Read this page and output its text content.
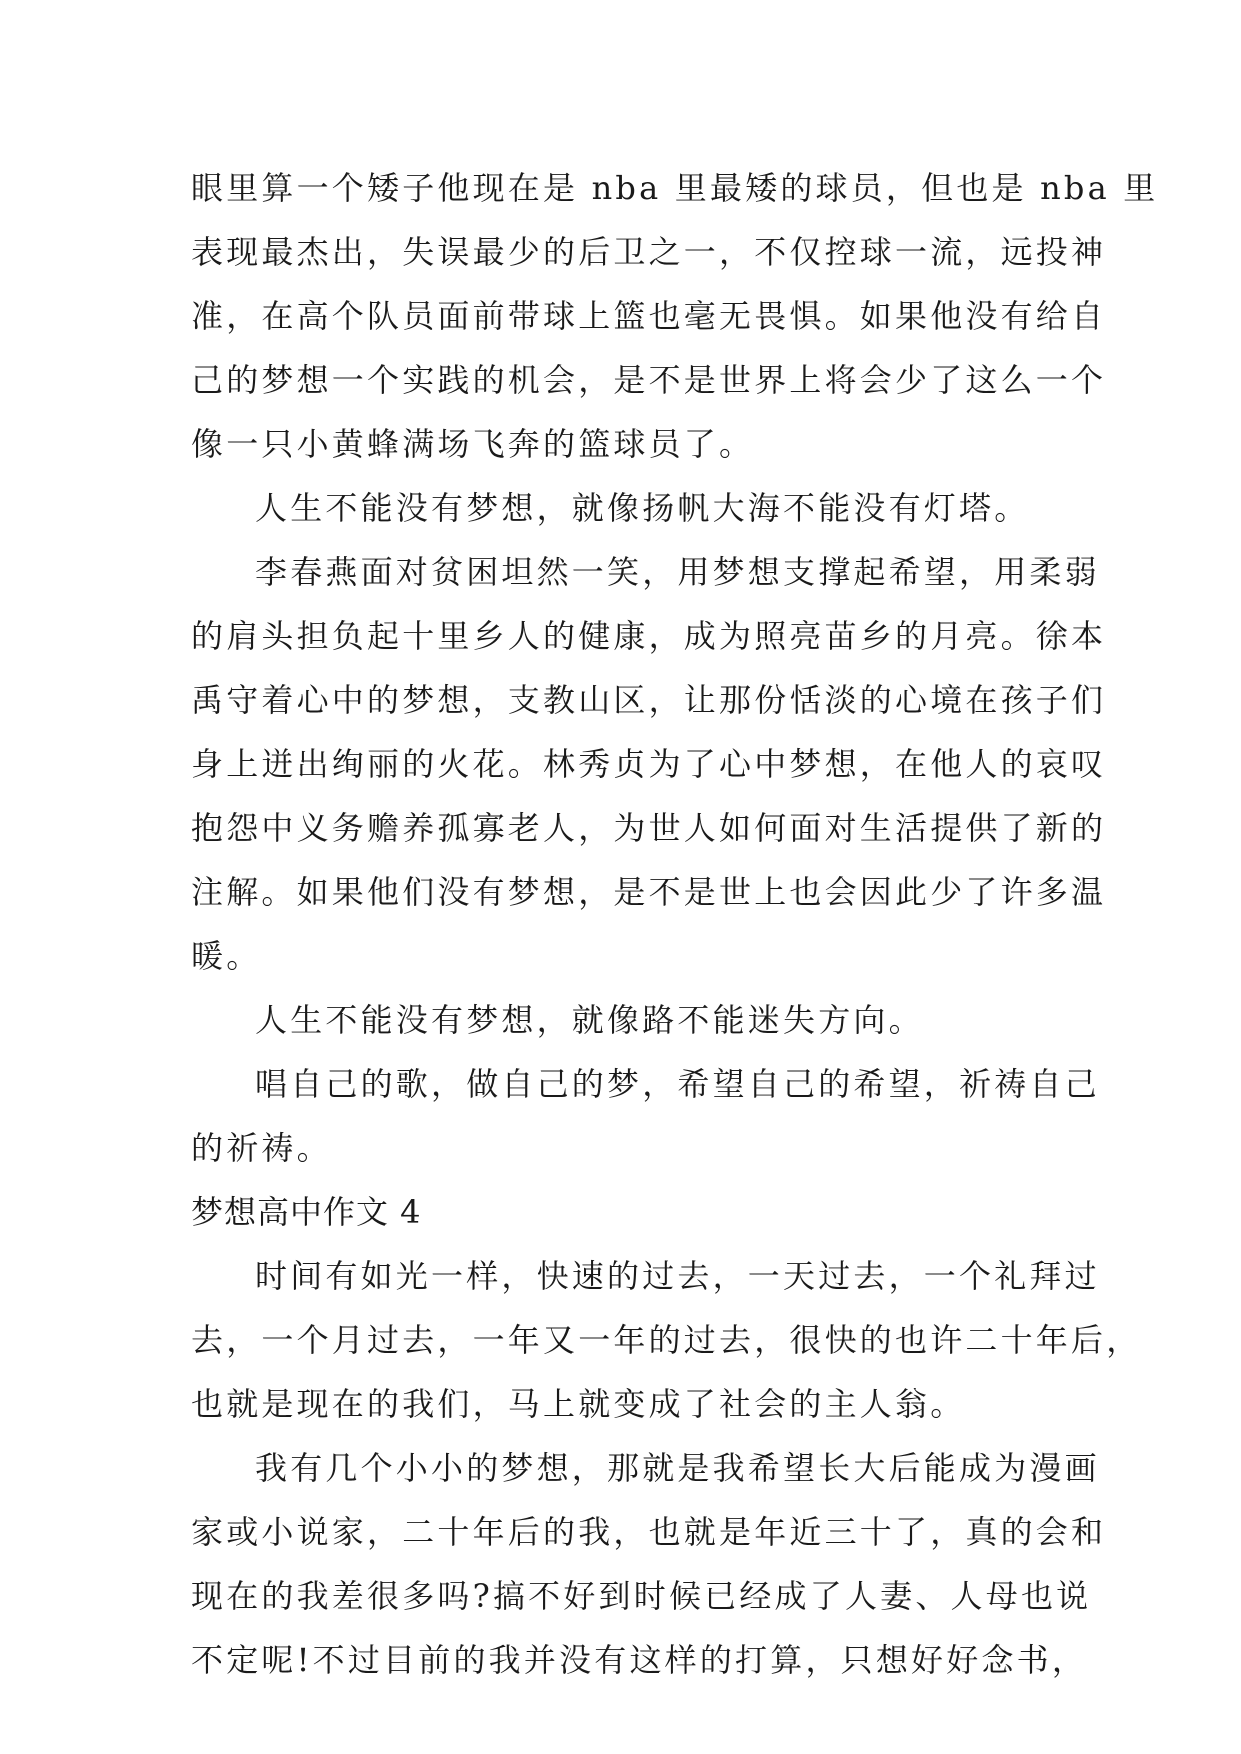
眼里算一个矮子他现在是 nba 里最矮的球员，但也是 nba 里
表现最杰出，失误最少的后卫之一，不仅控球一流，远投神
准，在高个队员面前带球上篮也毫无畏惧。如果他没有给自
己的梦想一个实践的机会，是不是世界上将会少了这么一个
像一只小黄蜂满场飞奔的篮球员了。
人生不能没有梦想，就像扬帆大海不能没有灯塔。
李春燕面对贫困坦然一笑，用梦想支撑起希望，用柔弱
的肩头担负起十里乡人的健康，成为照亮苗乡的月亮。徐本
禹守着心中的梦想，支教山区，让那份恬淡的心境在孩子们
身上迸出绚丽的火花。林秀贞为了心中梦想，在他人的哀叹
抱怨中义务赡养孤寡老人，为世人如何面对生活提供了新的
注解。如果他们没有梦想，是不是世上也会因此少了许多温
暖。
人生不能没有梦想，就像路不能迷失方向。
唱自己的歌，做自己的梦，希望自己的希望，祈祷自己
的祈祷。
梦想高中作文 4
时间有如光一样，快速的过去，一天过去，一个礼拜过
去，一个月过去，一年又一年的过去，很快的也许二十年后，
也就是现在的我们，马上就变成了社会的主人翁。
我有几个小小的梦想，那就是我希望长大后能成为漫画
家或小说家，二十年后的我，也就是年近三十了，真的会和
现在的我差很多吗?搞不好到时候已经成了人妻、人母也说
不定呢!不过目前的我并没有这样的打算，只想好好念书，
